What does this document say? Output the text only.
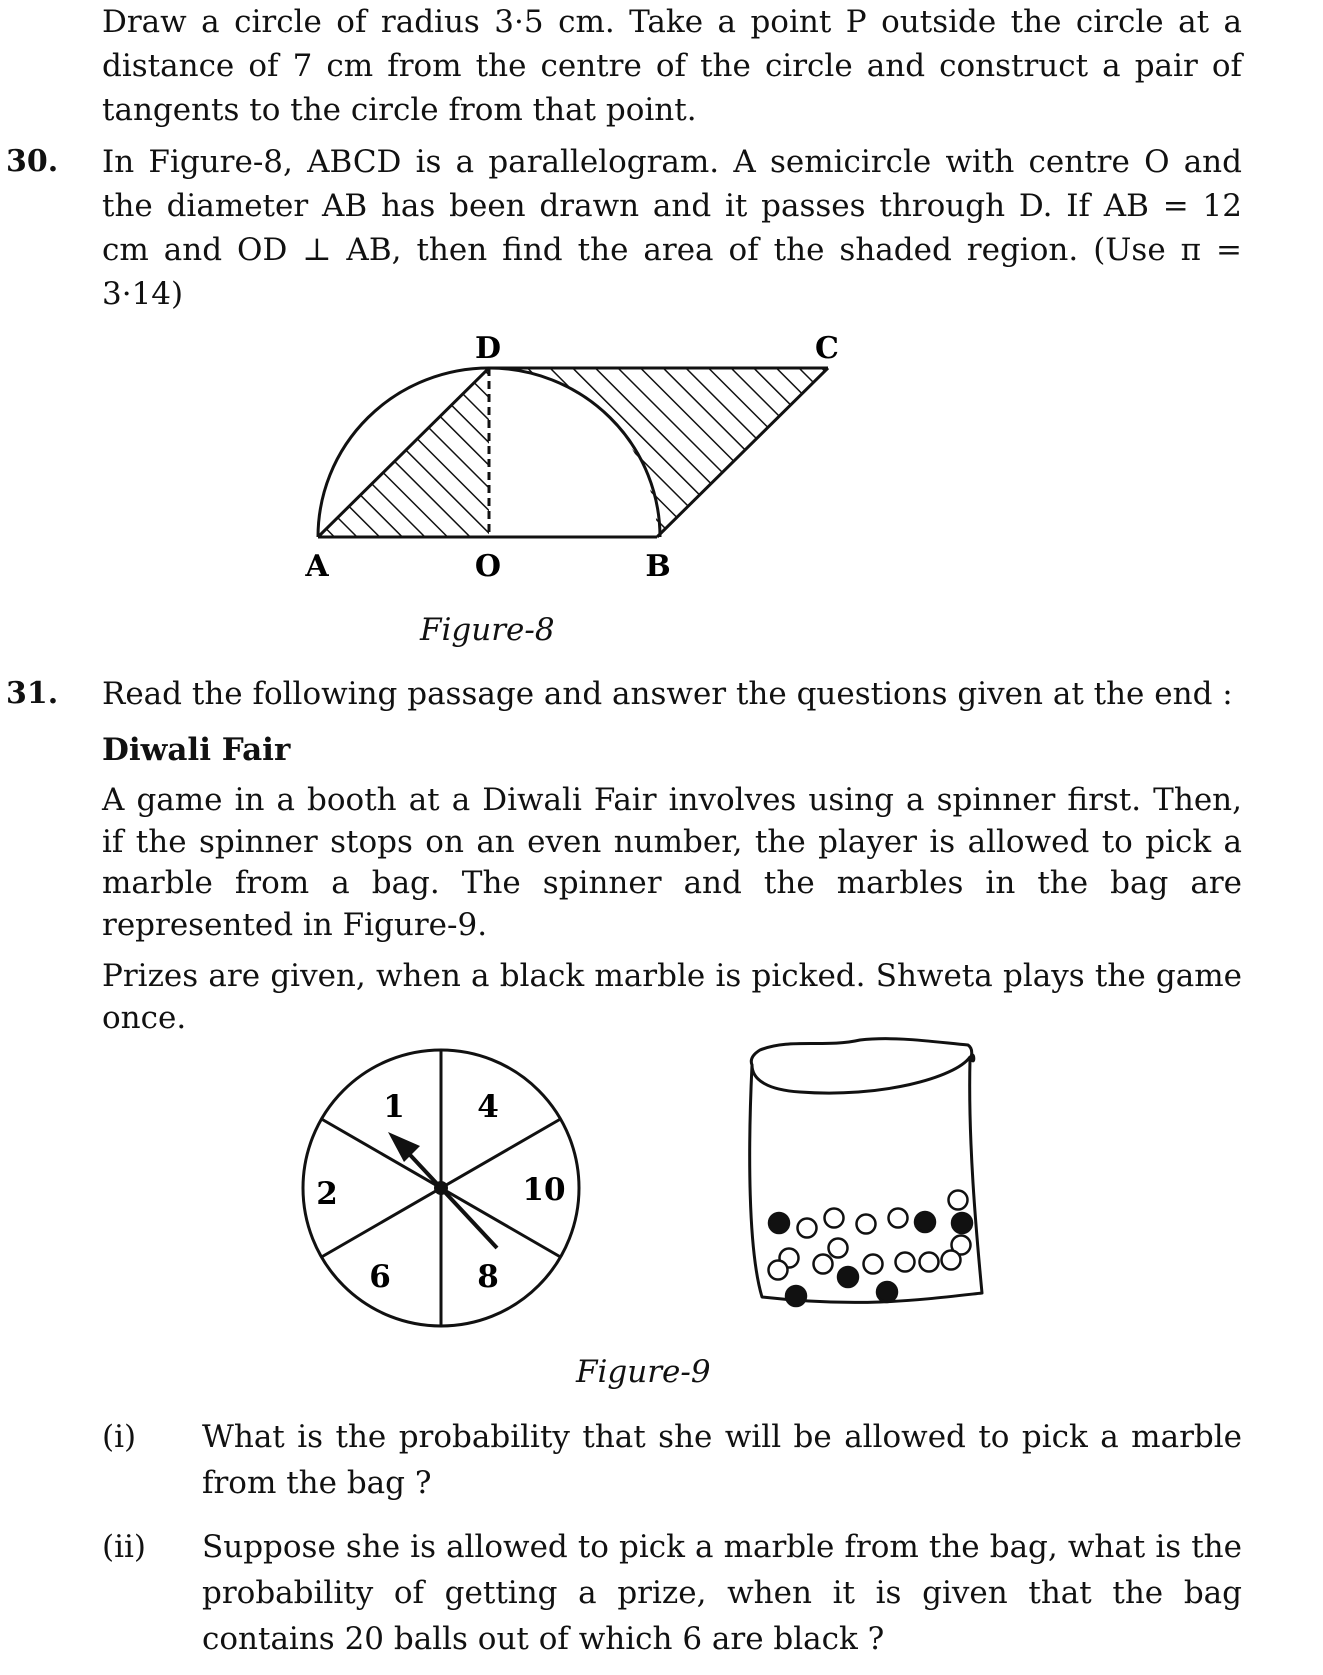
Draw a circle of radius 3·5 cm. Take a point P outside the circle at a distance of 7 cm from the centre of the circle and construct a pair of tangents to the circle from that point.

30. In Figure-8, ABCD is a parallelogram. A semicircle with centre O and the diameter AB has been drawn and it passes through D. If AB = 12 cm and OD ⊥ AB, then find the area of the shaded region. (Use π = 3·14)

D	C
A	O	B
1 4
10
8
6
2
Figure-8
31. Read the following passage and answer the questions given at the end :

Diwali Fair

A game in a booth at a Diwali Fair involves using a spinner first. Then, if the spinner stops on an even number, the player is allowed to pick a marble from a bag. The spinner and the marbles in the bag are represented in Figure-9.

Prizes are given, when a black marble is picked. Shweta plays the game once.

Figure-9
(i) What is the probability that she will be allowed to pick a marble from the bag ?

(ii) Suppose she is allowed to pick a marble from the bag, what is the probability of getting a prize, when it is given that the bag contains 20 balls out of which 6 are black ?
